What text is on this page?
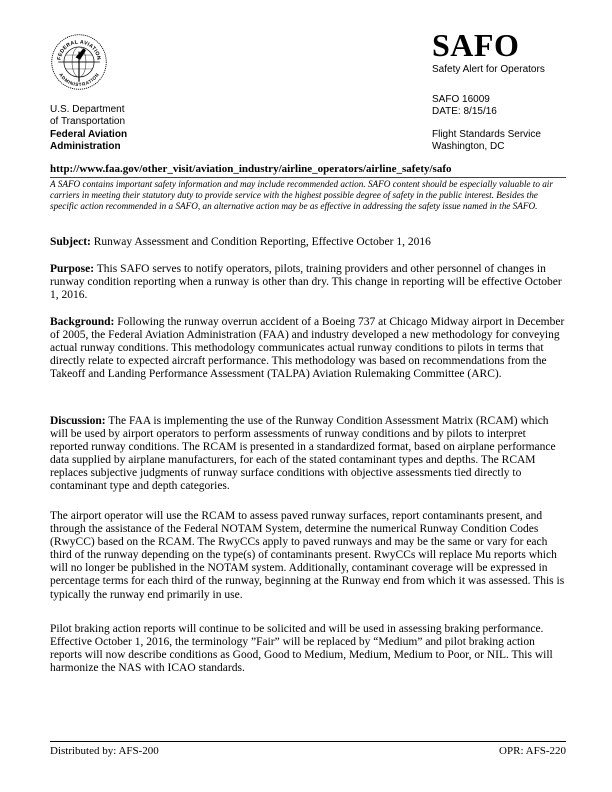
FEDERAL AVIATION
ADMINISTRATION
U.S. Department
of Transportation
Federal Aviation
Administration
SAFO
Safety Alert for Operators
SAFO 16009
DATE: 8/15/16
Flight Standards Service
Washington, DC
http://www.faa.gov/other_visit/aviation_industry/airline_operators/airline_safety/safo
A SAFO contains important safety information and may include recommended action. SAFO content should be especially valuable to air carriers in meeting their statutory duty to provide service with the highest possible degree of safety in the public interest. Besides the specific action recommended in a SAFO, an alternative action may be as effective in addressing the safety issue named in the SAFO.
Subject: Runway Assessment and Condition Reporting, Effective October 1, 2016
Purpose: This SAFO serves to notify operators, pilots, training providers and other personnel of changes in runway condition reporting when a runway is other than dry. This change in reporting will be effective October 1, 2016.
Background: Following the runway overrun accident of a Boeing 737 at Chicago Midway airport in December of 2005, the Federal Aviation Administration (FAA) and industry developed a new methodology for conveying actual runway conditions. This methodology communicates actual runway conditions to pilots in terms that directly relate to expected aircraft performance. This methodology was based on recommendations from the Takeoff and Landing Performance Assessment (TALPA) Aviation Rulemaking Committee (ARC).
Discussion: The FAA is implementing the use of the Runway Condition Assessment Matrix (RCAM) which will be used by airport operators to perform assessments of runway conditions and by pilots to interpret reported runway conditions. The RCAM is presented in a standardized format, based on airplane performance data supplied by airplane manufacturers, for each of the stated contaminant types and depths. The RCAM replaces subjective judgments of runway surface conditions with objective assessments tied directly to contaminant type and depth categories.
The airport operator will use the RCAM to assess paved runway surfaces, report contaminants present, and through the assistance of the Federal NOTAM System, determine the numerical Runway Condition Codes (RwyCC) based on the RCAM. The RwyCCs apply to paved runways and may be the same or vary for each third of the runway depending on the type(s) of contaminants present. RwyCCs will replace Mu reports which will no longer be published in the NOTAM system. Additionally, contaminant coverage will be expressed in percentage terms for each third of the runway, beginning at the Runway end from which it was assessed. This is typically the runway end primarily in use.
Pilot braking action reports will continue to be solicited and will be used in assessing braking performance. Effective October 1, 2016, the terminology ”Fair” will be replaced by “Medium” and pilot braking action reports will now describe conditions as Good, Good to Medium, Medium, Medium to Poor, or NIL. This will harmonize the NAS with ICAO standards.
Distributed by: AFS-200	OPR: AFS-220
